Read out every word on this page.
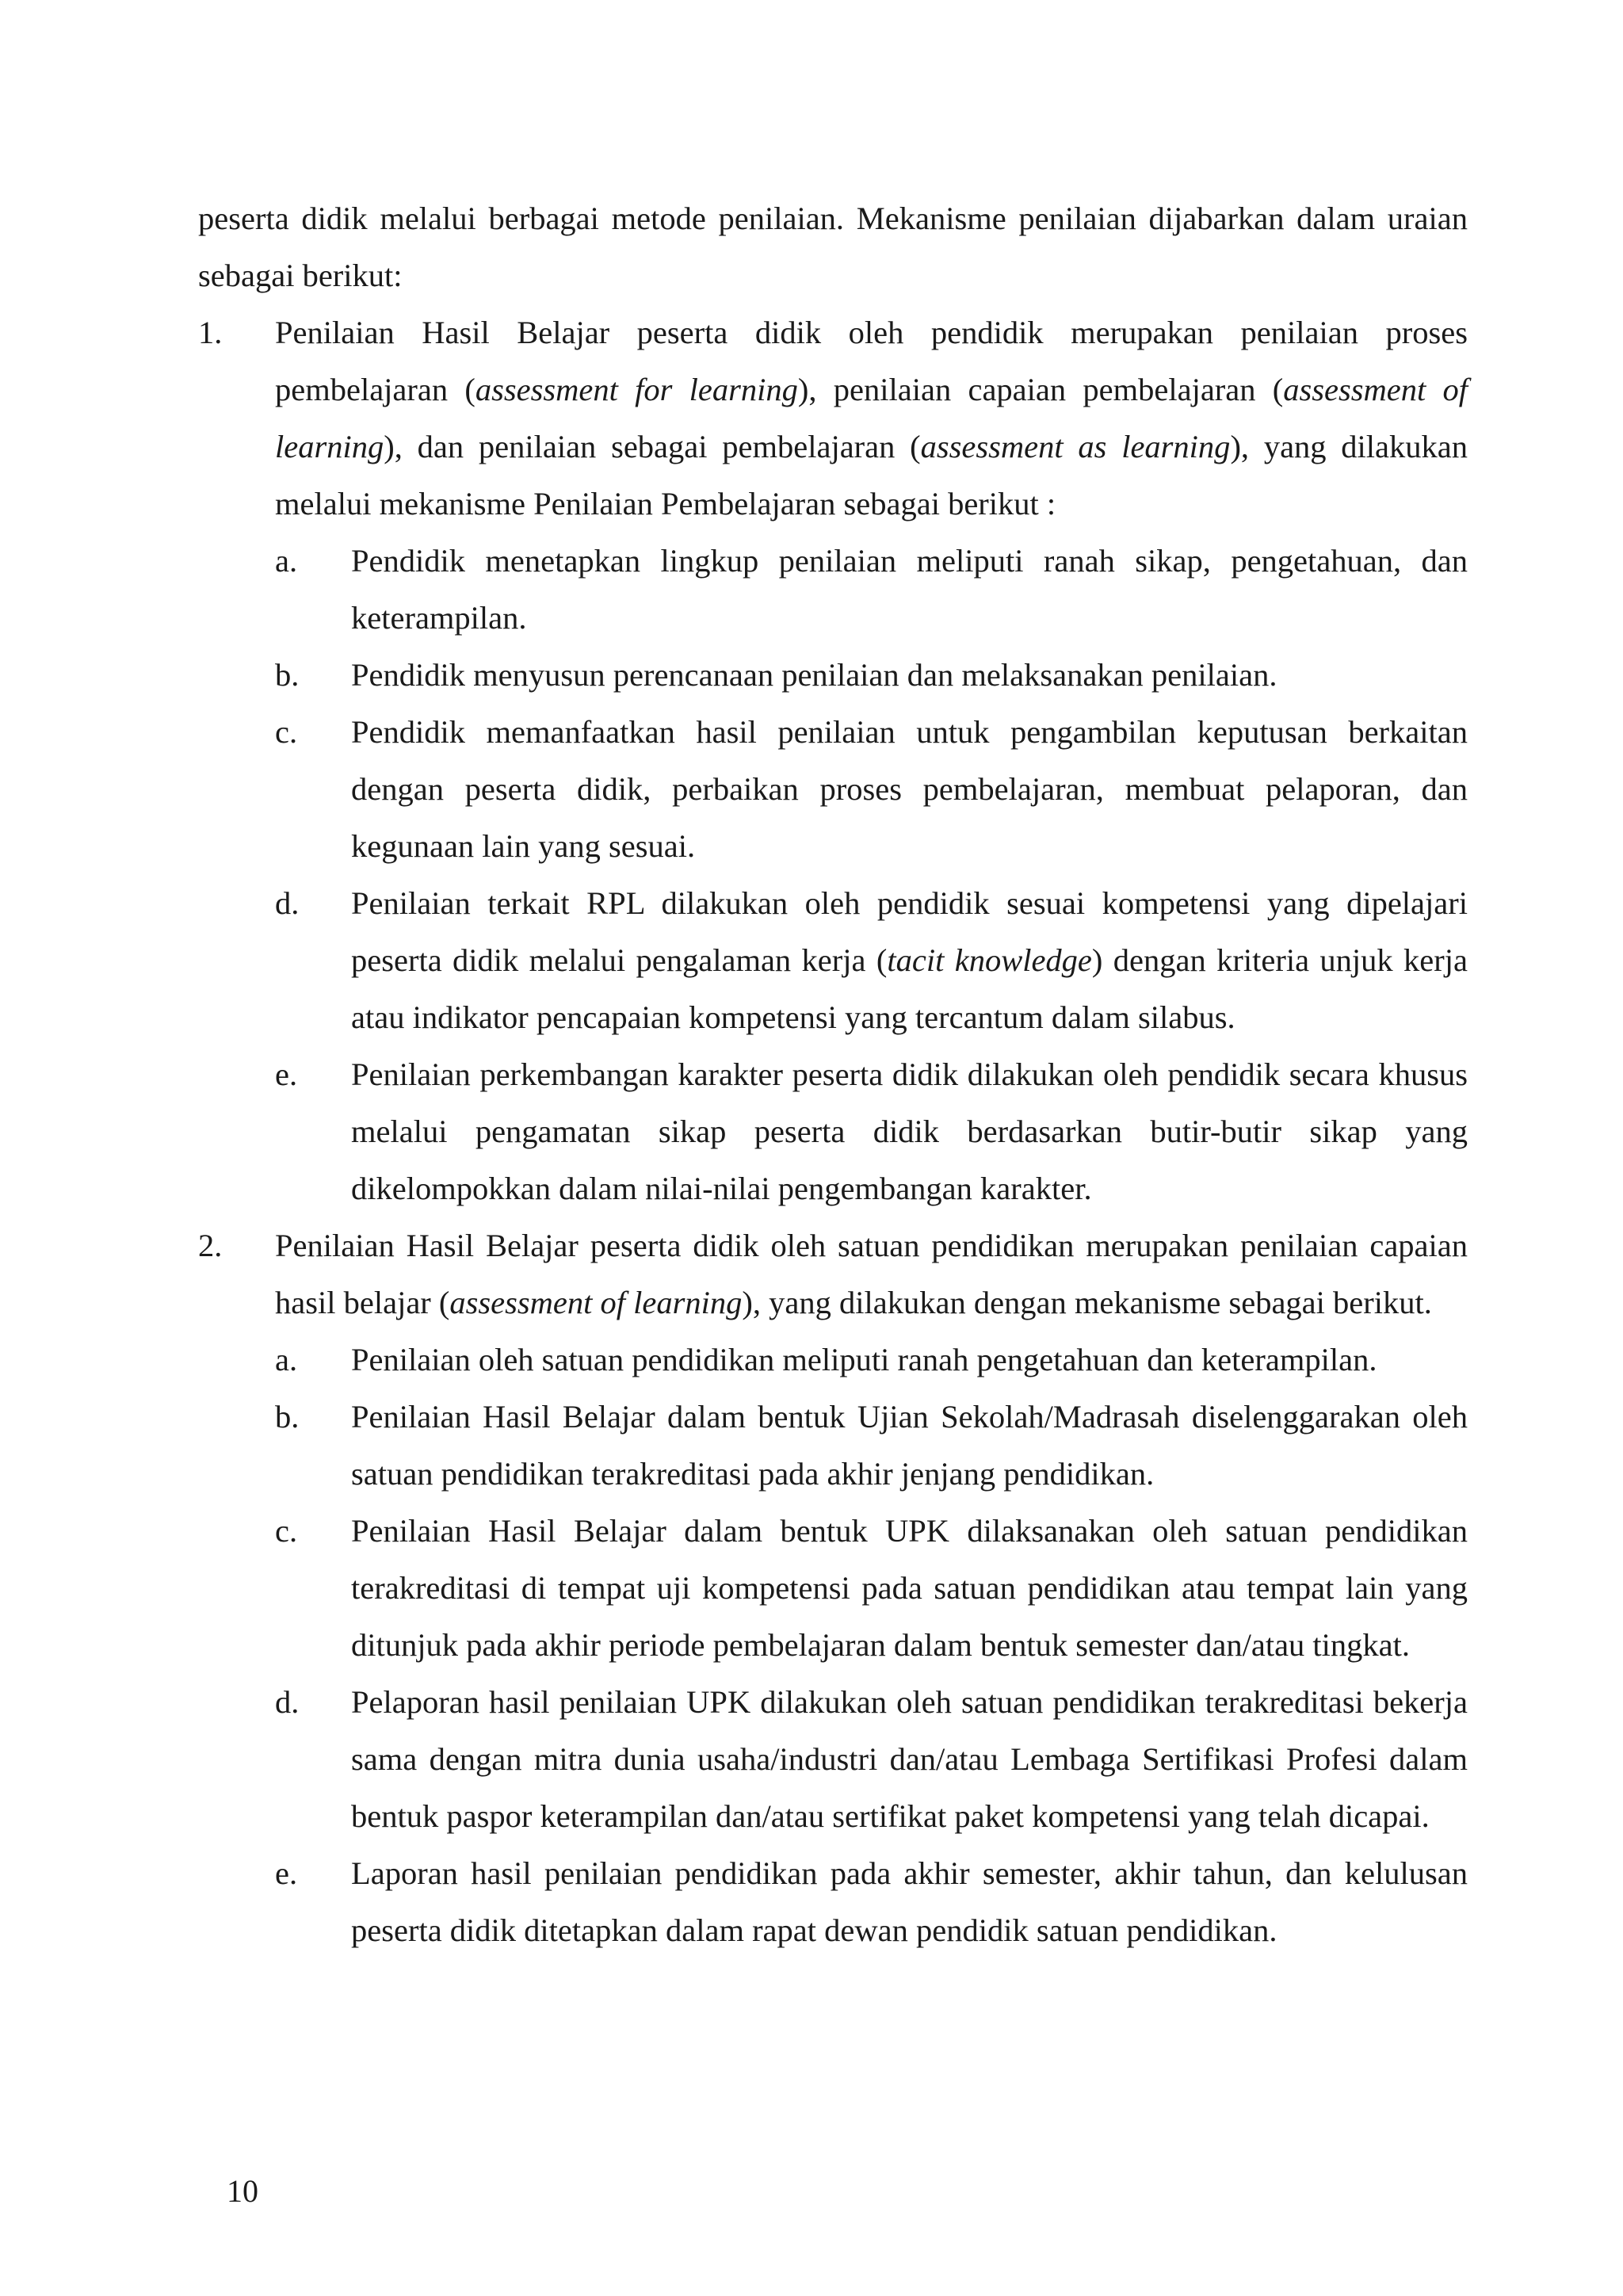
peserta didik melalui berbagai metode penilaian. Mekanisme penilaian dijabarkan dalam uraian sebagai berikut:

1. Penilaian Hasil Belajar peserta didik oleh pendidik merupakan penilaian proses pembelajaran (assessment for learning), penilaian capaian pembelajaran (assessment of learning), dan penilaian sebagai pembelajaran (assessment as learning), yang dilakukan melalui mekanisme Penilaian Pembelajaran sebagai berikut :

a. Pendidik menetapkan lingkup penilaian meliputi ranah sikap, pengetahuan, dan keterampilan.

b. Pendidik menyusun perencanaan penilaian dan melaksanakan penilaian.

c. Pendidik memanfaatkan hasil penilaian untuk pengambilan keputusan berkaitan dengan peserta didik, perbaikan proses pembelajaran, membuat pelaporan, dan kegunaan lain yang sesuai.

d. Penilaian terkait RPL dilakukan oleh pendidik sesuai kompetensi yang dipelajari peserta didik melalui pengalaman kerja (tacit knowledge) dengan kriteria unjuk kerja atau indikator pencapaian kompetensi yang tercantum dalam silabus.

e. Penilaian perkembangan karakter peserta didik dilakukan oleh pendidik secara khusus melalui pengamatan sikap peserta didik berdasarkan butir-butir sikap yang dikelompokkan dalam nilai-nilai pengembangan karakter.

2. Penilaian Hasil Belajar peserta didik oleh satuan pendidikan merupakan penilaian capaian hasil belajar (assessment of learning), yang dilakukan dengan mekanisme sebagai berikut.

a. Penilaian oleh satuan pendidikan meliputi ranah pengetahuan dan keterampilan.

b. Penilaian Hasil Belajar dalam bentuk Ujian Sekolah/Madrasah diselenggarakan oleh satuan pendidikan terakreditasi pada akhir jenjang pendidikan.

c. Penilaian Hasil Belajar dalam bentuk UPK dilaksanakan oleh satuan pendidikan terakreditasi di tempat uji kompetensi pada satuan pendidikan atau tempat lain yang ditunjuk pada akhir periode pembelajaran dalam bentuk semester dan/atau tingkat.

d. Pelaporan hasil penilaian UPK dilakukan oleh satuan pendidikan terakreditasi bekerja sama dengan mitra dunia usaha/industri dan/atau Lembaga Sertifikasi Profesi dalam bentuk paspor keterampilan dan/atau sertifikat paket kompetensi yang telah dicapai.

e. Laporan hasil penilaian pendidikan pada akhir semester, akhir tahun, dan kelulusan peserta didik ditetapkan dalam rapat dewan pendidik satuan pendidikan.

10
